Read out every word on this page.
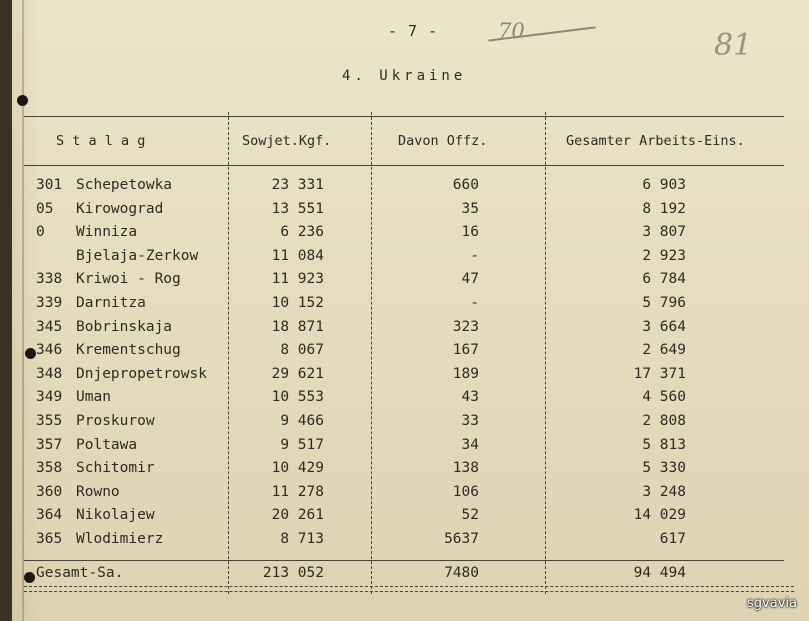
- 7 -	70	81
4. Ukraine
S t a l a g	Sowjet.Kgf.	Davon Offz.	Gesamter Arbeits-Eins.
301 Schepetowka	23 331	660	6 903
05	Kirowograd	13 551	35	8 192
0	Winniza	6 236	16	3 807
Bjelaja-Zerkow	11 084	-	2 923
338 Kriwoi - Rog	11 923	47	6 784
339 Darnitza	10 152	-	5 796
345 Bobrinskaja	18 871	323	3 664
346 Krementschug	8 067	167	2 649
348 Dnjepropetrowsk	29 621	189	17 371
349 Uman	10 553	43	4 560
355 Proskurow	9 466	33	2 808
357 Poltawa	9 517	34	5 813
358 Schitomir	10 429	138	5 330
360 Rowno	11 278	106	3 248
364 Nikolajew	20 261	52	14 029
365 Wlodimierz	8 713	5637	617
Gesamt-Sa.	213 052	7480	94 494
sgvavia
